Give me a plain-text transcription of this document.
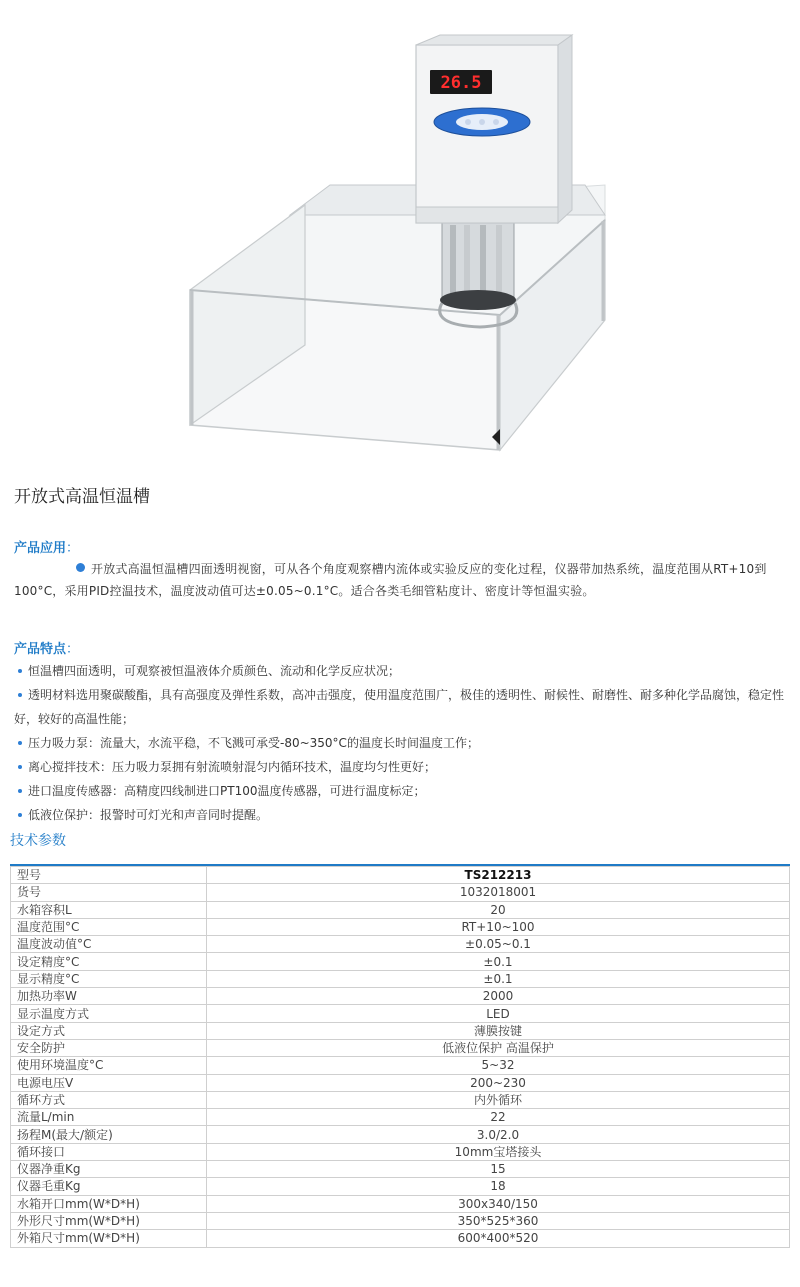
26.5
开放式高温恒温槽
产品应用：
开放式高温恒温槽四面透明视窗，可从各个角度观察槽内流体或实验反应的变化过程，仪器带加热系统，温度范围从RT+10到100°C，采用PID控温技术，温度波动值可达±0.05~0.1°C。适合各类毛细管粘度计、密度计等恒温实验。
产品特点：
恒温槽四面透明，可观察被恒温液体介质颜色、流动和化学反应状况；
透明材料选用聚碳酸酯，具有高强度及弹性系数，高冲击强度，使用温度范围广，极佳的透明性、耐候性、耐磨性、耐多种化学品腐蚀，稳定性好，较好的高温性能；
压力吸力泵：流量大，水流平稳，不飞溅可承受-80~350°C的温度长时间温度工作；
离心搅拌技术：压力吸力泵拥有射流喷射混匀内循环技术，温度均匀性更好；
进口温度传感器：高精度四线制进口PT100温度传感器，可进行温度标定；
低液位保护：报警时可灯光和声音同时提醒。
技术参数
型号	TS212213
货号	1032018001
水箱容积L	20
温度范围°C	RT+10~100
温度波动值°C	±0.05~0.1
设定精度°C	±0.1
显示精度°C	±0.1
加热功率W	2000
显示温度方式	LED
设定方式	薄膜按键
安全防护	低液位保护 高温保护
使用环境温度°C	5~32
电源电压V	200~230
循环方式	内外循环
流量L/min	22
扬程M(最大/额定)	3.0/2.0
循环接口	10mm宝塔接头
仪器净重Kg	15
仪器毛重Kg	18
水箱开口mm(W*D*H)	300x340/150
外形尺寸mm(W*D*H)	350*525*360
外箱尺寸mm(W*D*H)	600*400*520
